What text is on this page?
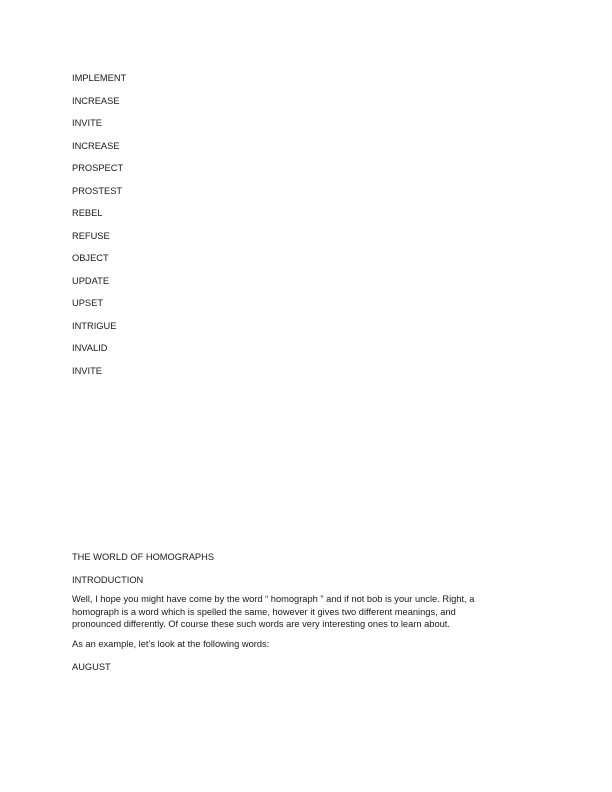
IMPLEMENT
INCREASE
INVITE
INCREASE
PROSPECT
PROSTEST
REBEL
REFUSE
OBJECT
UPDATE
UPSET
INTRIGUE
INVALID
INVITE

THE WORLD OF HOMOGRAPHS

INTRODUCTION

Well, I hope you might have come by the word “ homograph ” and if not bob is your uncle. Right, a
homograph is a word which is spelled the same, however it gives two different meanings, and
pronounced differently. Of course these such words are very interesting ones to learn about.

As an example, let’s look at the following words:

AUGUST
